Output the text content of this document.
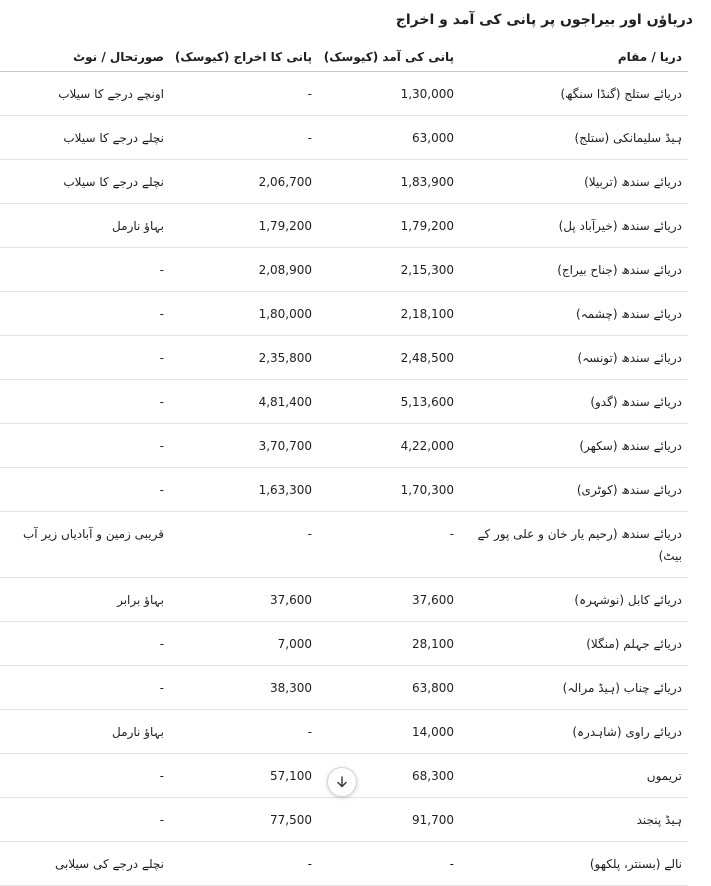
دریاؤں اور بیراجوں پر پانی کی آمد و اخراج
دریا / مقام	پانی کی آمد (کیوسک)	پانی کا اخراج (کیوسک)	صورتحال / نوٹ
دریائے ستلج (گنڈا سنگھ)	1,30,000	-	اونچے درجے کا سیلاب
ہیڈ سلیمانکی (ستلج)	63,000	-	نچلے درجے کا سیلاب
دریائے سندھ (تربیلا)	1,83,900	2,06,700	نچلے درجے کا سیلاب
دریائے سندھ (خیرآباد پل)	1,79,200	1,79,200	بہاؤ نارمل
دریائے سندھ (جناح بیراج)	2,15,300	2,08,900	-
دریائے سندھ (چشمہ)	2,18,100	1,80,000	-
دریائے سندھ (تونسہ)	2,48,500	2,35,800	-
دریائے سندھ (گدو)	5,13,600	4,81,400	-
دریائے سندھ (سکھر)	4,22,000	3,70,700	-
دریائے سندھ (کوٹری)	1,70,300	1,63,300	-
دریائے سندھ (رحیم یار خان و علی پور کے بیٹ)	-	-	قریبی زمین و آبادیاں زیر آب
دریائے کابل (نوشہرہ)	37,600	37,600	بہاؤ برابر
دریائے جہلم (منگلا)	28,100	7,000	-
دریائے چناب (ہیڈ مرالہ)	63,800	38,300	-
دریائے راوی (شاہدرہ)	14,000	-	بہاؤ نارمل
تریموں	68,300	57,100	-
ہیڈ پنجند	91,700	77,500	-
نالے (بسنتر، پلکھو)	-	-	نچلے درجے کی سیلابی
